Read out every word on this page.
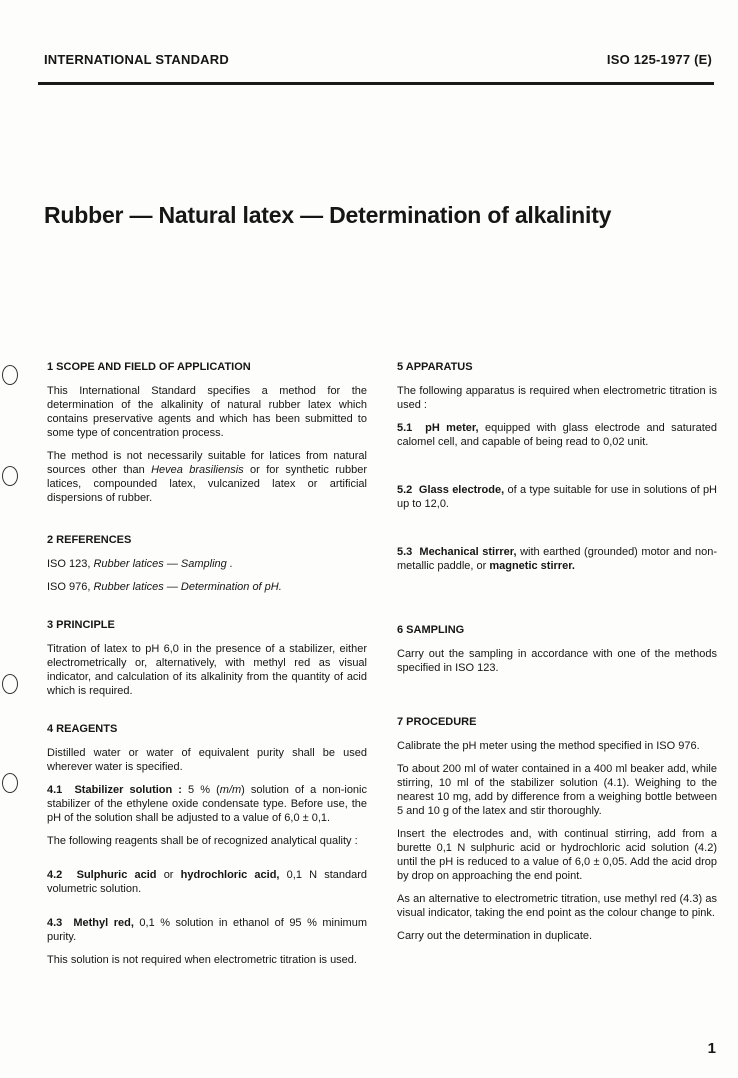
INTERNATIONAL STANDARD	ISO 125-1977 (E)
Rubber — Natural latex — Determination of alkalinity
1 SCOPE AND FIELD OF APPLICATION

This International Standard specifies a method for the determination of the alkalinity of natural rubber latex which contains preservative agents and which has been submitted to some type of concentration process.

The method is not necessarily suitable for latices from natural sources other than Hevea brasiliensis or for synthetic rubber latices, compounded latex, vulcanized latex or artificial dispersions of rubber.

2 REFERENCES

ISO 123, Rubber latices — Sampling .

ISO 976, Rubber latices — Determination of pH.

3 PRINCIPLE

Titration of latex to pH 6,0 in the presence of a stabilizer, either electrometrically or, alternatively, with methyl red as visual indicator, and calculation of its alkalinity from the quantity of acid which is required.

4 REAGENTS

Distilled water or water of equivalent purity shall be used wherever water is specified.

4.1 Stabilizer solution : 5 % (m/m) solution of a non-ionic stabilizer of the ethylene oxide condensate type. Before use, the pH of the solution shall be adjusted to a value of 6,0 ± 0,1.

The following reagents shall be of recognized analytical quality :

4.2 Sulphuric acid or hydrochloric acid, 0,1 N standard volumetric solution.

4.3 Methyl red, 0,1 % solution in ethanol of 95 % minimum purity.

This solution is not required when electrometric titration is used.

5 APPARATUS

The following apparatus is required when electrometric titration is used :

5.1 pH meter, equipped with glass electrode and saturated calomel cell, and capable of being read to 0,02 unit.

5.2 Glass electrode, of a type suitable for use in solutions of pH up to 12,0.

5.3 Mechanical stirrer, with earthed (grounded) motor and non-metallic paddle, or magnetic stirrer.

6 SAMPLING

Carry out the sampling in accordance with one of the methods specified in ISO 123.

7 PROCEDURE

Calibrate the pH meter using the method specified in ISO 976.

To about 200 ml of water contained in a 400 ml beaker add, while stirring, 10 ml of the stabilizer solution (4.1). Weighing to the nearest 10 mg, add by difference from a weighing bottle between 5 and 10 g of the latex and stir thoroughly.

Insert the electrodes and, with continual stirring, add from a burette 0,1 N sulphuric acid or hydrochloric acid solution (4.2) until the pH is reduced to a value of 6,0 ± 0,05. Add the acid drop by drop on approaching the end point.

As an alternative to electrometric titration, use methyl red (4.3) as visual indicator, taking the end point as the colour change to pink.

Carry out the determination in duplicate.

1
